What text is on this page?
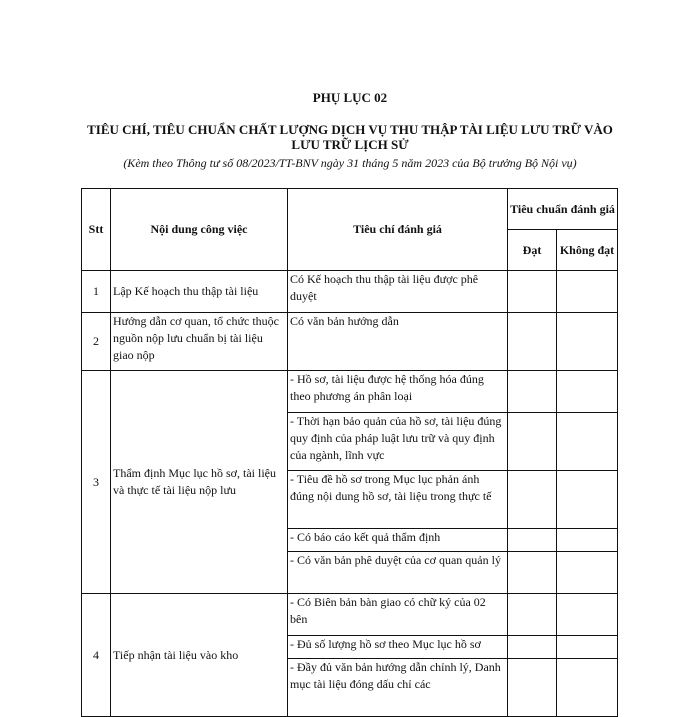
PHỤ LỤC 02
TIÊU CHÍ, TIÊU CHUẨN CHẤT LƯỢNG DỊCH VỤ THU THẬP TÀI LIỆU LƯU TRỮ VÀO LƯU TRỮ LỊCH SỬ
(Kèm theo Thông tư số 08/2023/TT-BNV ngày 31 tháng 5 năm 2023 của Bộ trưởng Bộ Nội vụ)
Stt	Nội dung công việc	Tiêu chí đánh giá	Tiêu chuẩn đánh giá	
			Đạt	Không đạt
1	Lập Kế hoạch thu thập tài liệu	Có Kế hoạch thu thập tài liệu được phê duyệt		
2	Hướng dẫn cơ quan, tổ chức thuộc nguồn nộp lưu chuẩn bị tài liệu giao nộp	Có văn bản hướng dẫn		
3	Thẩm định Mục lục hồ sơ, tài liệu và thực tế tài liệu nộp lưu	- Hồ sơ, tài liệu được hệ thống hóa đúng theo phương án phân loại		
		- Thời hạn bảo quản của hồ sơ, tài liệu đúng quy định của pháp luật lưu trữ và quy định của ngành, lĩnh vực		
		- Tiêu đề hồ sơ trong Mục lục phản ánh đúng nội dung hồ sơ, tài liệu trong thực tế		
		- Có báo cáo kết quả thẩm định		
		- Có văn bản phê duyệt của cơ quan quản lý		
4	Tiếp nhận tài liệu vào kho	- Có Biên bản bàn giao có chữ ký của 02 bên		
		- Đủ số lượng hồ sơ theo Mục lục hồ sơ		
		- Đầy đủ văn bản hướng dẫn chỉnh lý, Danh mục tài liệu đóng dấu chỉ các		
